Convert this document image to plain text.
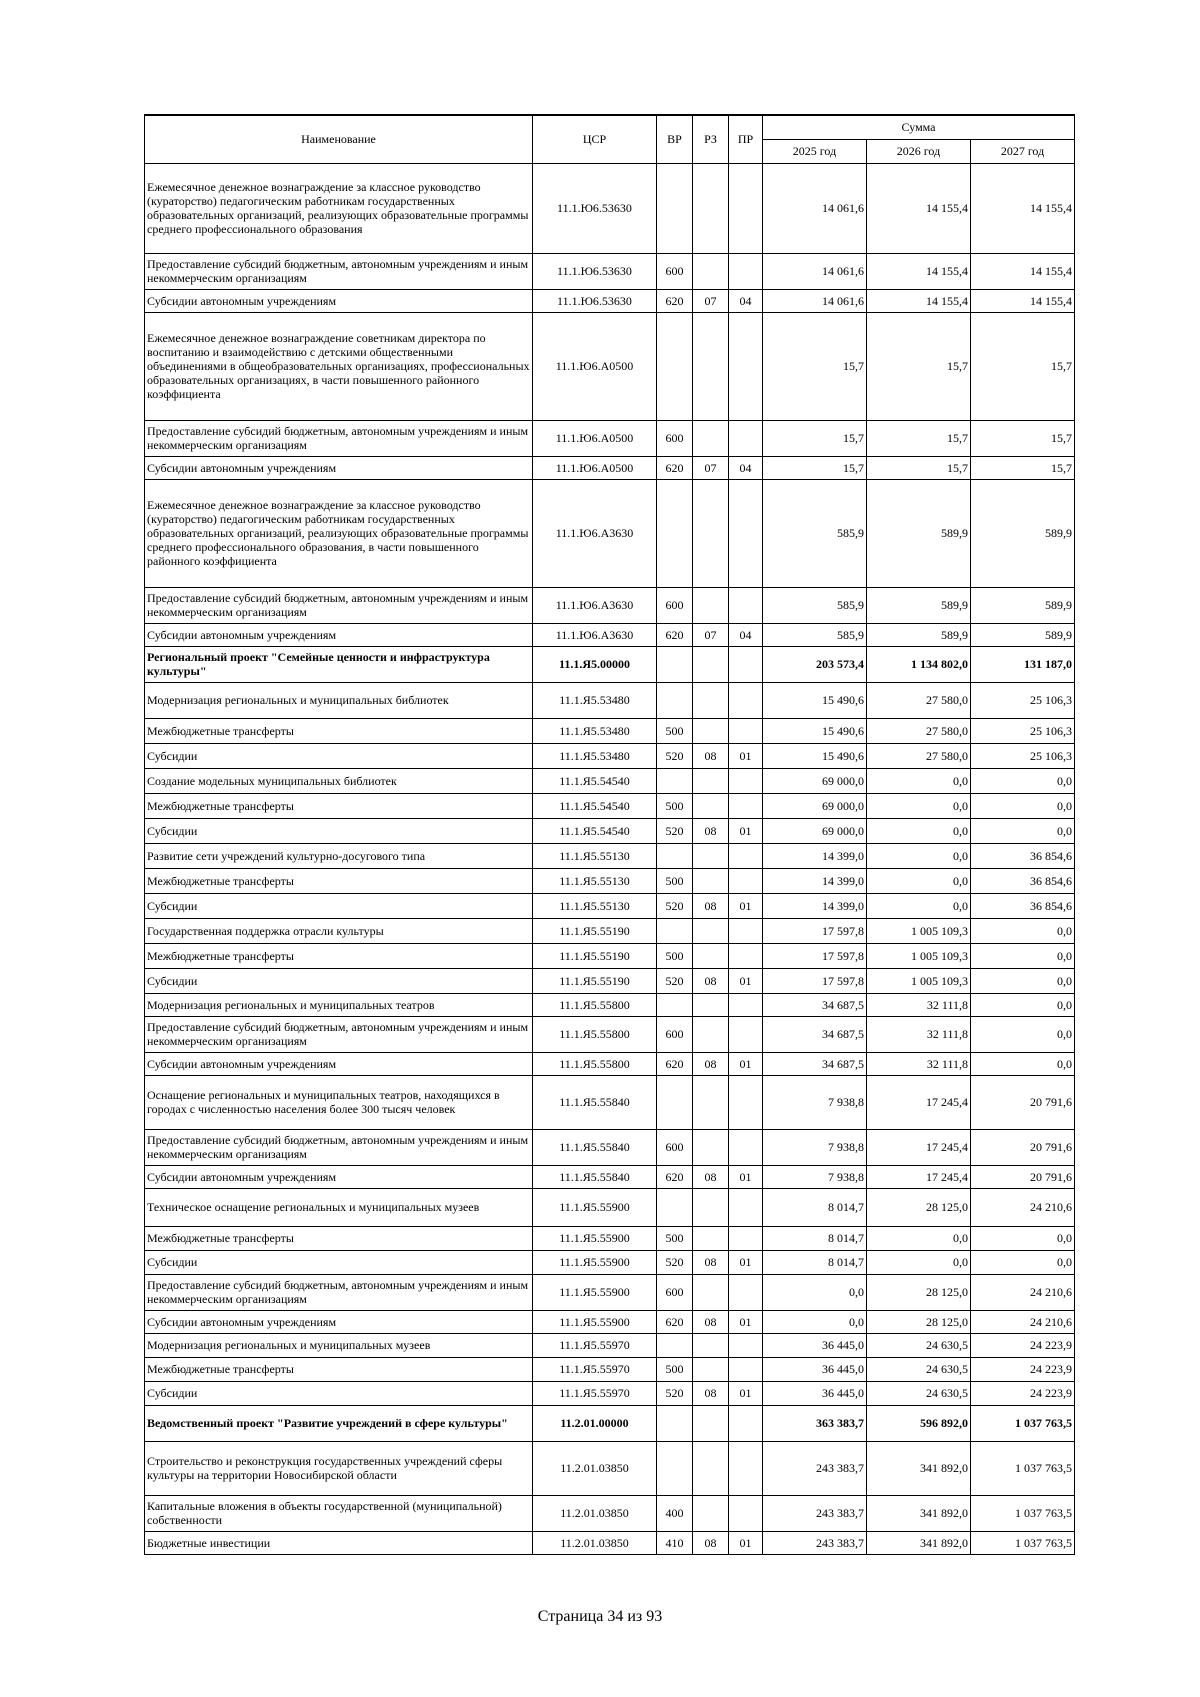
Наименование	ЦСР	ВР	РЗ	ПР	Сумма		
					2025 год	2026 год	2027 год
Ежемесячное денежное вознаграждение за классное руководство (кураторство) педагогическим работникам государственных образовательных организаций, реализующих образовательные программы среднего профессионального образования	11.1.Ю6.53630				14 061,6	14 155,4	14 155,4
Предоставление субсидий бюджетным, автономным учреждениям и иным некоммерческим организациям	11.1.Ю6.53630	600			14 061,6	14 155,4	14 155,4
Субсидии автономным учреждениям	11.1.Ю6.53630	620	07	04	14 061,6	14 155,4	14 155,4
Ежемесячное денежное вознаграждение советникам директора по воспитанию и взаимодействию с детскими общественными объединениями в общеобразовательных организациях, профессиональных образовательных организациях, в части повышенного районного коэффициента	11.1.Ю6.А0500				15,7	15,7	15,7
Предоставление субсидий бюджетным, автономным учреждениям и иным некоммерческим организациям	11.1.Ю6.А0500	600			15,7	15,7	15,7
Субсидии автономным учреждениям	11.1.Ю6.А0500	620	07	04	15,7	15,7	15,7
Ежемесячное денежное вознаграждение за классное руководство (кураторство) педагогическим работникам государственных образовательных организаций, реализующих образовательные программы среднего профессионального образования, в части повышенного районного коэффициента	11.1.Ю6.А3630				585,9	589,9	589,9
Предоставление субсидий бюджетным, автономным учреждениям и иным некоммерческим организациям	11.1.Ю6.А3630	600			585,9	589,9	589,9
Субсидии автономным учреждениям	11.1.Ю6.А3630	620	07	04	585,9	589,9	589,9
Региональный проект "Семейные ценности и инфраструктура культуры"	11.1.Я5.00000				203 573,4	1 134 802,0	131 187,0
Модернизация региональных и муниципальных библиотек	11.1.Я5.53480				15 490,6	27 580,0	25 106,3
Межбюджетные трансферты	11.1.Я5.53480	500			15 490,6	27 580,0	25 106,3
Субсидии	11.1.Я5.53480	520	08	01	15 490,6	27 580,0	25 106,3
Создание модельных муниципальных библиотек	11.1.Я5.54540				69 000,0	0,0	0,0
Межбюджетные трансферты	11.1.Я5.54540	500			69 000,0	0,0	0,0
Субсидии	11.1.Я5.54540	520	08	01	69 000,0	0,0	0,0
Развитие сети учреждений культурно-досугового типа	11.1.Я5.55130				14 399,0	0,0	36 854,6
Межбюджетные трансферты	11.1.Я5.55130	500			14 399,0	0,0	36 854,6
Субсидии	11.1.Я5.55130	520	08	01	14 399,0	0,0	36 854,6
Государственная поддержка отрасли культуры	11.1.Я5.55190				17 597,8	1 005 109,3	0,0
Межбюджетные трансферты	11.1.Я5.55190	500			17 597,8	1 005 109,3	0,0
Субсидии	11.1.Я5.55190	520	08	01	17 597,8	1 005 109,3	0,0
Модернизация региональных и муниципальных театров	11.1.Я5.55800				34 687,5	32 111,8	0,0
Предоставление субсидий бюджетным, автономным учреждениям и иным некоммерческим организациям	11.1.Я5.55800	600			34 687,5	32 111,8	0,0
Субсидии автономным учреждениям	11.1.Я5.55800	620	08	01	34 687,5	32 111,8	0,0
Оснащение региональных и муниципальных театров, находящихся в городах с численностью населения более 300 тысяч человек	11.1.Я5.55840				7 938,8	17 245,4	20 791,6
Предоставление субсидий бюджетным, автономным учреждениям и иным некоммерческим организациям	11.1.Я5.55840	600			7 938,8	17 245,4	20 791,6
Субсидии автономным учреждениям	11.1.Я5.55840	620	08	01	7 938,8	17 245,4	20 791,6
Техническое оснащение региональных и муниципальных музеев	11.1.Я5.55900				8 014,7	28 125,0	24 210,6
Межбюджетные трансферты	11.1.Я5.55900	500			8 014,7	0,0	0,0
Субсидии	11.1.Я5.55900	520	08	01	8 014,7	0,0	0,0
Предоставление субсидий бюджетным, автономным учреждениям и иным некоммерческим организациям	11.1.Я5.55900	600			0,0	28 125,0	24 210,6
Субсидии автономным учреждениям	11.1.Я5.55900	620	08	01	0,0	28 125,0	24 210,6
Модернизация региональных и муниципальных музеев	11.1.Я5.55970				36 445,0	24 630,5	24 223,9
Межбюджетные трансферты	11.1.Я5.55970	500			36 445,0	24 630,5	24 223,9
Субсидии	11.1.Я5.55970	520	08	01	36 445,0	24 630,5	24 223,9
Ведомственный проект "Развитие учреждений в сфере культуры"	11.2.01.00000				363 383,7	596 892,0	1 037 763,5
Строительство и реконструкция государственных учреждений сферы культуры на территории Новосибирской области	11.2.01.03850				243 383,7	341 892,0	1 037 763,5
Капитальные вложения в объекты государственной (муниципальной) собственности	11.2.01.03850	400			243 383,7	341 892,0	1 037 763,5
Бюджетные инвестиции	11.2.01.03850	410	08	01	243 383,7	341 892,0	1 037 763,5
Страница 34 из 93
